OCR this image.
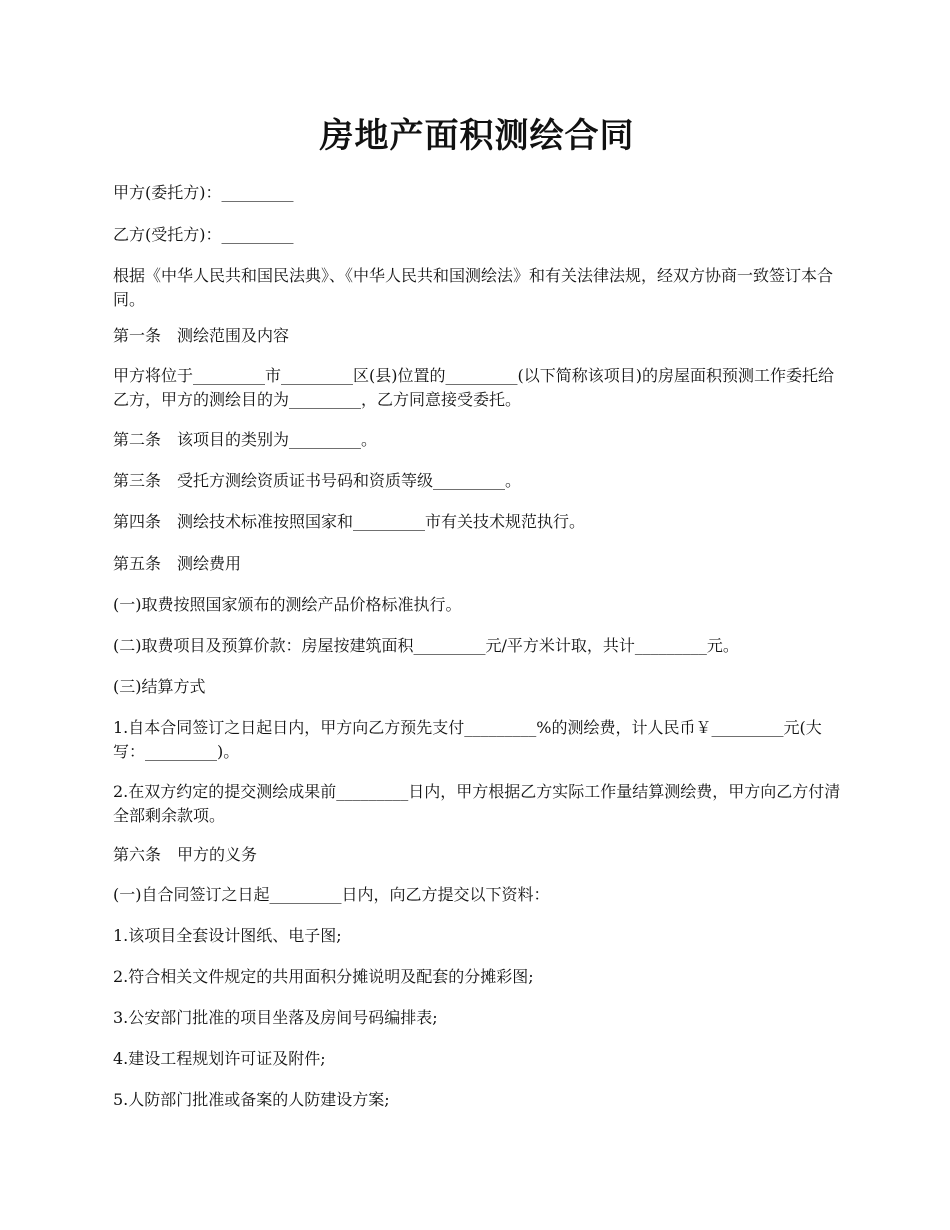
房地产面积测绘合同
甲方(委托方)：_________
乙方(受托方)：_________
根据《中华人民共和国民法典》、《中华人民共和国测绘法》和有关法律法规，经双方协商一致签订本合同。
第一条　测绘范围及内容
甲方将位于_________市_________区(县)位置的_________(以下简称该项目)的房屋面积预测工作委托给乙方，甲方的测绘目的为_________，乙方同意接受委托。
第二条　该项目的类别为_________。
第三条　受托方测绘资质证书号码和资质等级_________。
第四条　测绘技术标准按照国家和_________市有关技术规范执行。
第五条　测绘费用
(一)取费按照国家颁布的测绘产品价格标准执行。
(二)取费项目及预算价款：房屋按建筑面积_________元/平方米计取，共计_________元。
(三)结算方式
1.自本合同签订之日起日内，甲方向乙方预先支付_________%的测绘费，计人民币￥_________元(大写：_________)。
2.在双方约定的提交测绘成果前_________日内，甲方根据乙方实际工作量结算测绘费，甲方向乙方付清全部剩余款项。
第六条　甲方的义务
(一)自合同签订之日起_________日内，向乙方提交以下资料：
1.该项目全套设计图纸、电子图;
2.符合相关文件规定的共用面积分摊说明及配套的分摊彩图;
3.公安部门批准的项目坐落及房间号码编排表;
4.建设工程规划许可证及附件;
5.人防部门批准或备案的人防建设方案;
